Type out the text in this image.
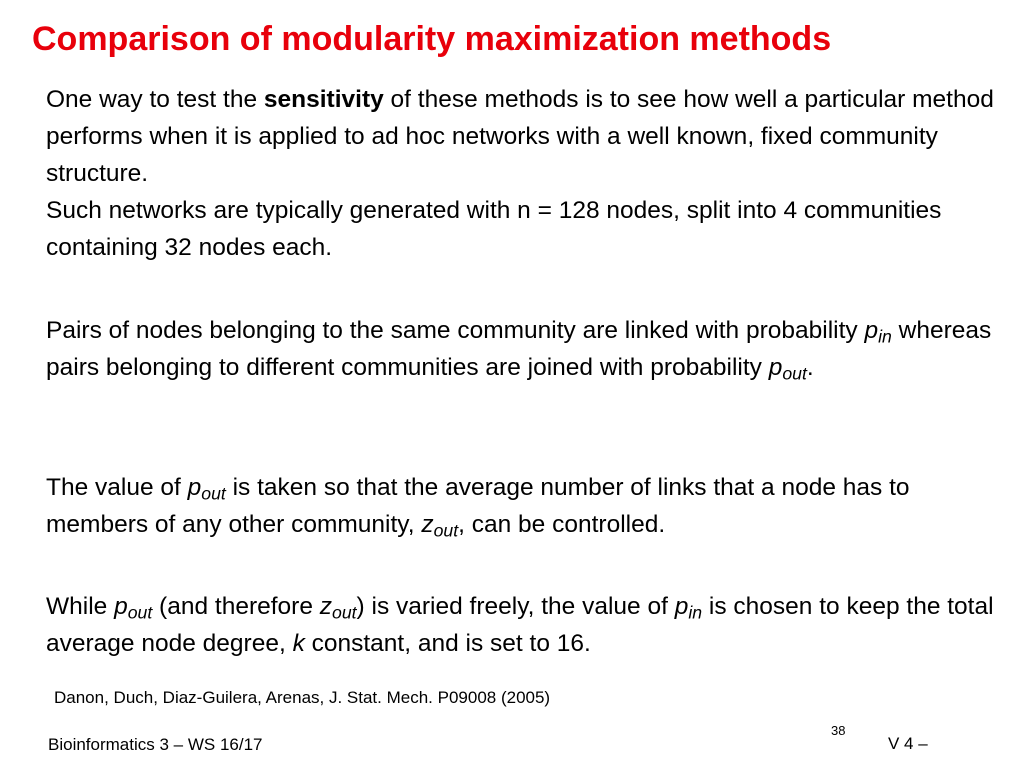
Comparison of modularity maximization methods
One way to test the sensitivity of these methods is to see how well a particular method performs when it is applied to ad hoc networks with a well known, fixed community structure.
Such networks are typically generated with n = 128 nodes, split into 4 communities containing 32 nodes each.
Pairs of nodes belonging to the same community are linked with probability $p_{in}$ whereas pairs belonging to different communities are joined with probability $p_{out}$.
The value of $p_{out}$ is taken so that the average number of links that a node has to members of any other community, $z_{out}$, can be controlled.
While $p_{out}$ (and therefore $z_{out}$) is varied freely, the value of $p_{in}$ is chosen to keep the total average node degree, k constant, and is set to 16.
Danon, Duch, Diaz-Guilera, Arenas, J. Stat. Mech. P09008 (2005)
Bioinformatics 3 – WS 16/17
38
V 4 –
